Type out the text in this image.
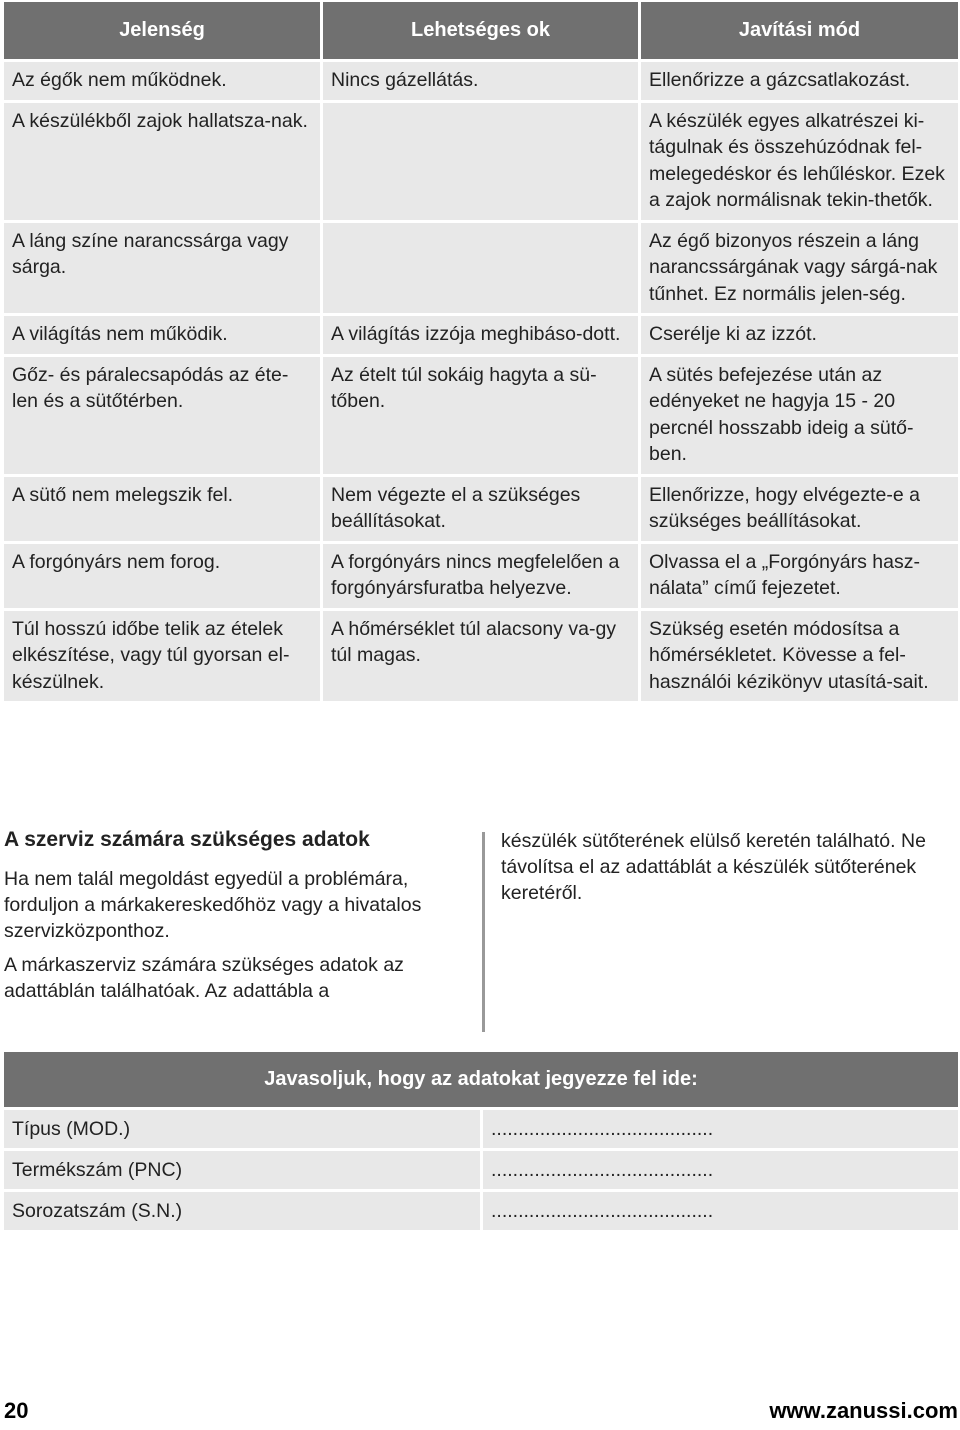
Jelenség	Lehetséges ok	Javítási mód
Az égők nem működnek.	Nincs gázellátás.	Ellenőrizze a gázcsatlakozást.
A készülékből zajok hallatsza-nak.		A készülék egyes alkatrészei ki-tágulnak és összehúzódnak fel-melegedéskor és lehűléskor. Ezek a zajok normálisnak tekin-thetők.
A láng színe narancssárga vagy sárga.		Az égő bizonyos részein a láng narancssárgának vagy sárgá-nak tűnhet. Ez normális jelen-ség.
A világítás nem működik.	A világítás izzója meghibáso-dott.	Cserélje ki az izzót.
Gőz- és páralecsapódás az éte-len és a sütőtérben.	Az ételt túl sokáig hagyta a sü-tőben.	A sütés befejezése után az edényeket ne hagyja 15 - 20 percnél hosszabb ideig a sütő-ben.
A sütő nem melegszik fel.	Nem végezte el a szükséges beállításokat.	Ellenőrizze, hogy elvégezte-e a szükséges beállításokat.
A forgónyárs nem forog.	A forgónyárs nincs megfelelően a forgónyársfuratba helyezve.	Olvassa el a „Forgónyárs hasz-nálata” című fejezetet.
Túl hosszú időbe telik az ételek elkészítése, vagy túl gyorsan el-készülnek.	A hőmérséklet túl alacsony va-gy túl magas.	Szükség esetén módosítsa a hőmérsékletet. Kövesse a fel-használói kézikönyv utasítá-sait.
A szerviz számára szükséges adatok

Ha nem talál megoldást egyedül a problémára, forduljon a márkakereskedőhöz vagy a hivatalos szervizközponthoz.

A márkaszerviz számára szükséges adatok az adattáblán találhatóak. Az adattábla a

készülék sütőterének elülső keretén található. Ne távolítsa el az adattáblát a készülék sütőterének keretéről.

Javasoljuk, hogy az adatokat jegyezze fel ide:	
Típus (MOD.)	.........................................
Termékszám (PNC)	.........................................
Sorozatszám (S.N.)	.........................................
20	www.zanussi.com
